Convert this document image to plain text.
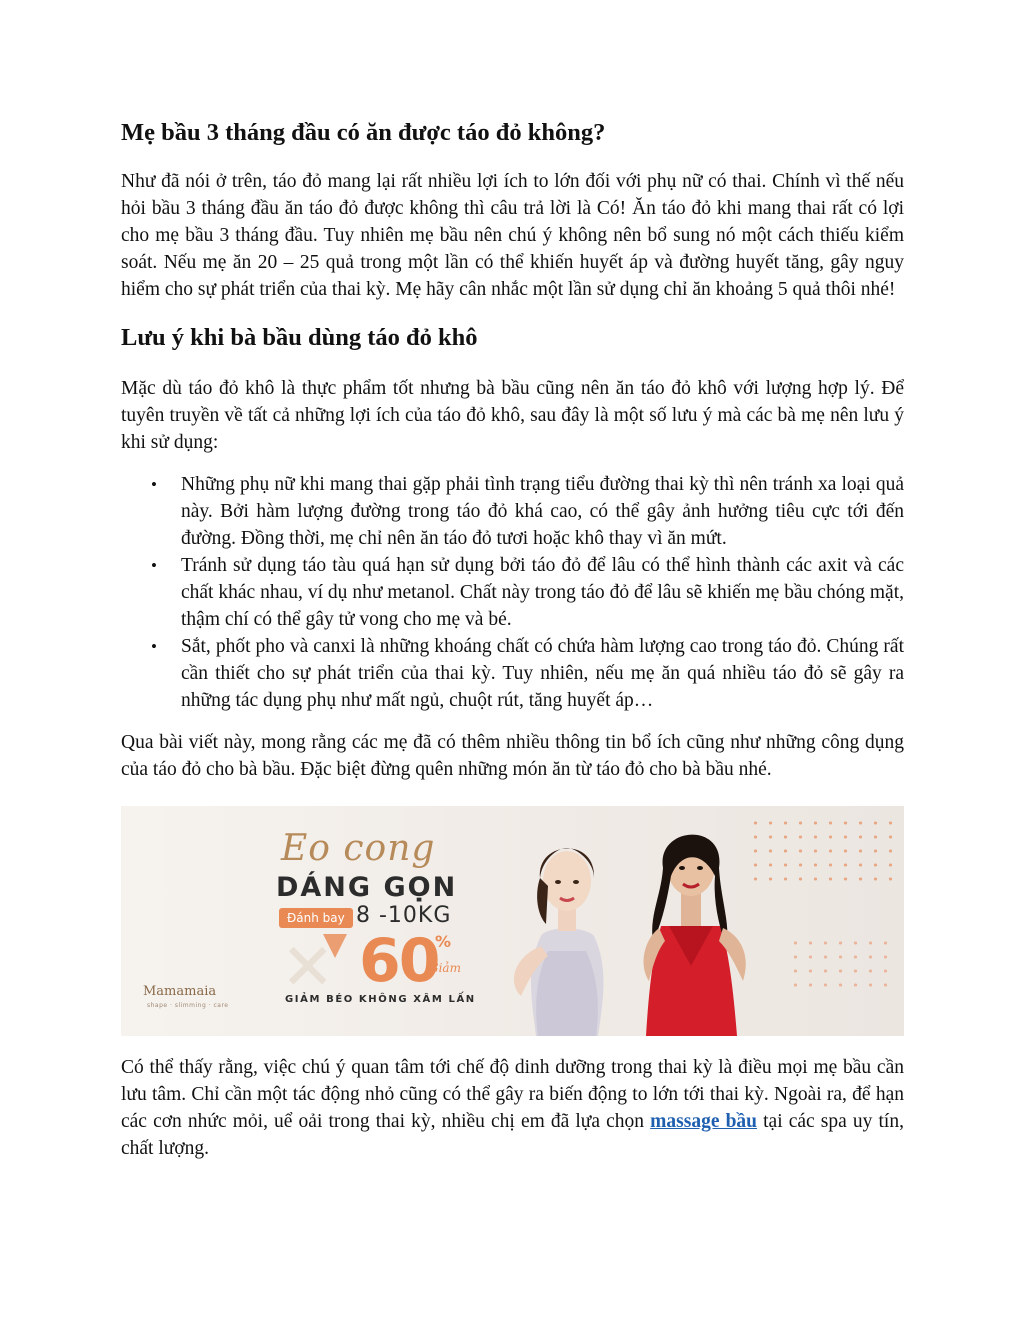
Mẹ bầu 3 tháng đầu có ăn được táo đỏ không?

Như đã nói ở trên, táo đỏ mang lại rất nhiều lợi ích to lớn đối với phụ nữ có thai. Chính vì thế nếu hỏi bầu 3 tháng đầu ăn táo đỏ được không thì câu trả lời là Có! Ăn táo đỏ khi mang thai rất có lợi cho mẹ bầu 3 tháng đầu. Tuy nhiên mẹ bầu nên chú ý không nên bổ sung nó một cách thiếu kiểm soát. Nếu mẹ ăn 20 – 25 quả trong một lần có thể khiến huyết áp và đường huyết tăng, gây nguy hiểm cho sự phát triển của thai kỳ. Mẹ hãy cân nhắc một lần sử dụng chỉ ăn khoảng 5 quả thôi nhé!

Lưu ý khi bà bầu dùng táo đỏ khô

Mặc dù táo đỏ khô là thực phẩm tốt nhưng bà bầu cũng nên ăn táo đỏ khô với lượng hợp lý. Để tuyên truyền về tất cả những lợi ích của táo đỏ khô, sau đây là một số lưu ý mà các bà mẹ nên lưu ý khi sử dụng:

• Những phụ nữ khi mang thai gặp phải tình trạng tiểu đường thai kỳ thì nên tránh xa loại quả này. Bởi hàm lượng đường trong táo đỏ khá cao, có thể gây ảnh hưởng tiêu cực tới đến đường. Đồng thời, mẹ chỉ nên ăn táo đỏ tươi hoặc khô thay vì ăn mứt.
• Tránh sử dụng táo tàu quá hạn sử dụng bởi táo đỏ để lâu có thể hình thành các axit và các chất khác nhau, ví dụ như metanol. Chất này trong táo đỏ để lâu sẽ khiến mẹ bầu chóng mặt, thậm chí có thể gây tử vong cho mẹ và bé.
• Sắt, phốt pho và canxi là những khoáng chất có chứa hàm lượng cao trong táo đỏ. Chúng rất cần thiết cho sự phát triển của thai kỳ. Tuy nhiên, nếu mẹ ăn quá nhiều táo đỏ sẽ gây ra những tác dụng phụ như mất ngủ, chuột rút, tăng huyết áp…

Qua bài viết này, mong rằng các mẹ đã có thêm nhiều thông tin bổ ích cũng như những công dụng của táo đỏ cho bà bầu. Đặc biệt đừng quên những món ăn từ táo đỏ cho bà bầu nhé.

✕
Eo cong
DÁNG GỌN
Đánh bay 8 -10KG
60
%
Giảm
GIẢM BÉO KHÔNG XÂM LẤN
Mamamaia
shape · slimming · care

Có thể thấy rằng, việc chú ý quan tâm tới chế độ dinh dưỡng trong thai kỳ là điều mọi mẹ bầu cần lưu tâm. Chỉ cần một tác động nhỏ cũng có thể gây ra biến động to lớn tới thai kỳ. Ngoài ra, để hạn các cơn nhức mỏi, uể oải trong thai kỳ, nhiều chị em đã lựa chọn massage bầu tại các spa uy tín, chất lượng.
